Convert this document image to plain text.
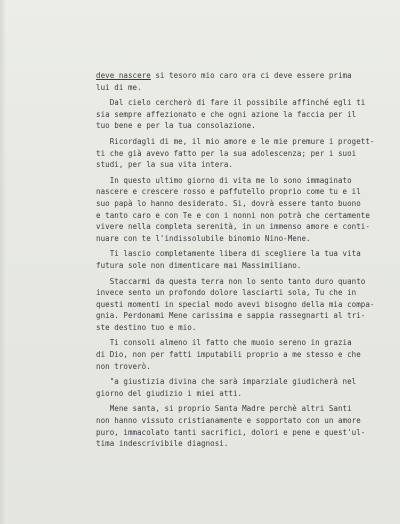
deve nascere si tesoro mio caro ora ci deve essere prima
lui di me.
Dal cielo cercherò di fare il possibile affinché egli ti
sia sempre affezionato e che ogni azione la faccia per il
tuo bene e per la tua consolazione.
Ricordagli di me, il mio amore e le mie premure i progett-
ti che già avevo fatto per la sua adolescenza; per i suoi
studi, per la sua vita intera.
In questo ultimo giorno di vita me lo sono immaginato
nascere e crescere rosso e paffutello proprio come tu e il
suo papà lo hanno desiderato. Si, dovrà essere tanto buono
e tanto caro e con Te e con i nonni non potrà che certamente
vivere nella completa serenità, in un immenso amore e conti-
nuare con te l'indissolubile binomio Nino-Mene.
Ti lascio completamente libera di scegliere la tua vita
futura sole non dimenticare mai Massimiliano.
Staccarmi da questa terra non lo sento tanto duro quanto
invece sento un profondo dolore lasciarti sola, Tu che in
questi momenti in special modo avevi bisogno della mia compa-
gnia. Perdonami Mene carissima e sappia rassegnarti al tri-
ste destino tuo e mio.
Ti consoli almeno il fatto che muoio sereno in grazia
di Dio, non per fatti imputabili proprio a me stesso e che
non troverò.
"a giustizia divina che sarà imparziale giudicherà nel
giorno del giudizio i miei atti.
Mene santa, si proprio Santa Madre perchè altri Santi
non hanno vissuto cristianamente e sopportato con un amore
puro, immacolato tanti sacrifici, dolori e pene e quest'ul-
tima indescrivibile diagnosi.
